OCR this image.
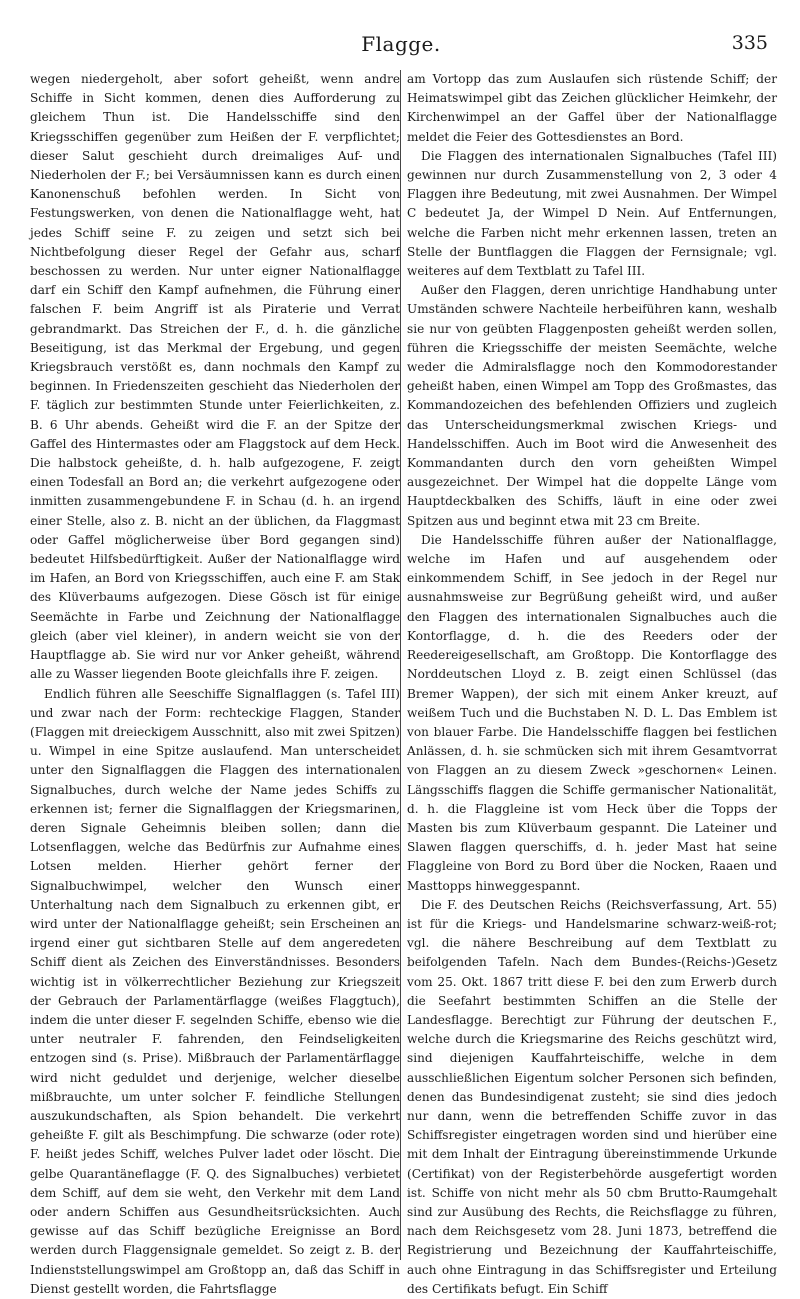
Flagge.	335

wegen niedergeholt, aber sofort geheißt, wenn andre Schiffe in Sicht kommen, denen dies Aufforderung zu gleichem Thun ist. Die Handelsschiffe sind den Kriegsschiffen gegenüber zum Heißen der F. verpflichtet; dieser Salut geschieht durch dreimaliges Auf- und Niederholen der F.; bei Versäumnissen kann es durch einen Kanonenschuß befohlen werden. In Sicht von Festungswerken, von denen die Nationalflagge weht, hat jedes Schiff seine F. zu zeigen und setzt sich bei Nichtbefolgung dieser Regel der Gefahr aus, scharf beschossen zu werden. Nur unter eigner Nationalflagge darf ein Schiff den Kampf aufnehmen, die Führung einer falschen F. beim Angriff ist als Piraterie und Verrat gebrandmarkt. Das Streichen der F., d. h. die gänzliche Beseitigung, ist das Merkmal der Ergebung, und gegen Kriegsbrauch verstößt es, dann nochmals den Kampf zu beginnen. In Friedenszeiten geschieht das Niederholen der F. täglich zur bestimmten Stunde unter Feierlichkeiten, z. B. 6 Uhr abends. Geheißt wird die F. an der Spitze der Gaffel des Hintermastes oder am Flaggstock auf dem Heck. Die halbstock geheißte, d. h. halb aufgezogene, F. zeigt einen Todesfall an Bord an; die verkehrt aufgezogene oder inmitten zusammengebundene F. in Schau (d. h. an irgend einer Stelle, also z. B. nicht an der üblichen, da Flaggmast oder Gaffel möglicherweise über Bord gegangen sind) bedeutet Hilfsbedürftigkeit. Außer der Nationalflagge wird im Hafen, an Bord von Kriegsschiffen, auch eine F. am Stak des Klüverbaums aufgezogen. Diese Gösch ist für einige Seemächte in Farbe und Zeichnung der Nationalflagge gleich (aber viel kleiner), in andern weicht sie von der Hauptflagge ab. Sie wird nur vor Anker geheißt, während alle zu Wasser liegenden Boote gleichfalls ihre F. zeigen.

Endlich führen alle Seeschiffe Signalflaggen (s. Tafel III) und zwar nach der Form: rechteckige Flaggen, Stander (Flaggen mit dreieckigem Ausschnitt, also mit zwei Spitzen) u. Wimpel in eine Spitze auslaufend. Man unterscheidet unter den Signalflaggen die Flaggen des internationalen Signalbuches, durch welche der Name jedes Schiffs zu erkennen ist; ferner die Signalflaggen der Kriegsmarinen, deren Signale Geheimnis bleiben sollen; dann die Lotsenflaggen, welche das Bedürfnis zur Aufnahme eines Lotsen melden. Hierher gehört ferner der Signalbuchwimpel, welcher den Wunsch einer Unterhaltung nach dem Signalbuch zu erkennen gibt, er wird unter der Nationalflagge geheißt; sein Erscheinen an irgend einer gut sichtbaren Stelle auf dem angeredeten Schiff dient als Zeichen des Einverständnisses. Besonders wichtig ist in völkerrechtlicher Beziehung zur Kriegszeit der Gebrauch der Parlamentärflagge (weißes Flaggtuch), indem die unter dieser F. segelnden Schiffe, ebenso wie die unter neutraler F. fahrenden, den Feindseligkeiten entzogen sind (s. Prise). Mißbrauch der Parlamentärflagge wird nicht geduldet und derjenige, welcher dieselbe mißbrauchte, um unter solcher F. feindliche Stellungen auszukundschaften, als Spion behandelt. Die verkehrt geheißte F. gilt als Beschimpfung. Die schwarze (oder rote) F. heißt jedes Schiff, welches Pulver ladet oder löscht. Die gelbe Quarantäneflagge (F. Q. des Signalbuches) verbietet dem Schiff, auf dem sie weht, den Verkehr mit dem Land oder andern Schiffen aus Gesundheitsrücksichten. Auch gewisse auf das Schiff bezügliche Ereignisse an Bord werden durch Flaggensignale gemeldet. So zeigt z. B. der Indienststellungswimpel am Großtopp an, daß das Schiff in Dienst gestellt worden, die Fahrtsflagge

am Vortopp das zum Auslaufen sich rüstende Schiff; der Heimatswimpel gibt das Zeichen glücklicher Heimkehr, der Kirchenwimpel an der Gaffel über der Nationalflagge meldet die Feier des Gottesdienstes an Bord.

Die Flaggen des internationalen Signalbuches (Tafel III) gewinnen nur durch Zusammenstellung von 2, 3 oder 4 Flaggen ihre Bedeutung, mit zwei Ausnahmen. Der Wimpel C bedeutet Ja, der Wimpel D Nein. Auf Entfernungen, welche die Farben nicht mehr erkennen lassen, treten an Stelle der Buntflaggen die Flaggen der Fernsignale; vgl. weiteres auf dem Textblatt zu Tafel III.

Außer den Flaggen, deren unrichtige Handhabung unter Umständen schwere Nachteile herbeiführen kann, weshalb sie nur von geübten Flaggenposten geheißt werden sollen, führen die Kriegsschiffe der meisten Seemächte, welche weder die Admiralsflagge noch den Kommodorestander geheißt haben, einen Wimpel am Topp des Großmastes, das Kommandozeichen des befehlenden Offiziers und zugleich das Unterscheidungsmerkmal zwischen Kriegs- und Handelsschiffen. Auch im Boot wird die Anwesenheit des Kommandanten durch den vorn geheißten Wimpel ausgezeichnet. Der Wimpel hat die doppelte Länge vom Hauptdeckbalken des Schiffs, läuft in eine oder zwei Spitzen aus und beginnt etwa mit 23 cm Breite.

Die Handelsschiffe führen außer der Nationalflagge, welche im Hafen und auf ausgehendem oder einkommendem Schiff, in See jedoch in der Regel nur ausnahmsweise zur Begrüßung geheißt wird, und außer den Flaggen des internationalen Signalbuches auch die Kontorflagge, d. h. die des Reeders oder der Reedereigesellschaft, am Großtopp. Die Kontorflagge des Norddeutschen Lloyd z. B. zeigt einen Schlüssel (das Bremer Wappen), der sich mit einem Anker kreuzt, auf weißem Tuch und die Buchstaben N. D. L. Das Emblem ist von blauer Farbe. Die Handelsschiffe flaggen bei festlichen Anlässen, d. h. sie schmücken sich mit ihrem Gesamtvorrat von Flaggen an zu diesem Zweck »geschornen« Leinen. Längsschiffs flaggen die Schiffe germanischer Nationalität, d. h. die Flaggleine ist vom Heck über die Topps der Masten bis zum Klüverbaum gespannt. Die Lateiner und Slawen flaggen querschiffs, d. h. jeder Mast hat seine Flaggleine von Bord zu Bord über die Nocken, Raaen und Masttopps hinweggespannt.

Die F. des Deutschen Reichs (Reichsverfassung, Art. 55) ist für die Kriegs- und Handelsmarine schwarz-weiß-rot; vgl. die nähere Beschreibung auf dem Textblatt zu beifolgenden Tafeln. Nach dem Bundes-(Reichs-)Gesetz vom 25. Okt. 1867 tritt diese F. bei den zum Erwerb durch die Seefahrt bestimmten Schiffen an die Stelle der Landesflagge. Berechtigt zur Führung der deutschen F., welche durch die Kriegsmarine des Reichs geschützt wird, sind diejenigen Kauffahrteischiffe, welche in dem ausschließlichen Eigentum solcher Personen sich befinden, denen das Bundesindigenat zusteht; sie sind dies jedoch nur dann, wenn die betreffenden Schiffe zuvor in das Schiffsregister eingetragen worden sind und hierüber eine mit dem Inhalt der Eintragung übereinstimmende Urkunde (Certifikat) von der Registerbehörde ausgefertigt worden ist. Schiffe von nicht mehr als 50 cbm Brutto-Raumgehalt sind zur Ausübung des Rechts, die Reichsflagge zu führen, nach dem Reichsgesetz vom 28. Juni 1873, betreffend die Registrierung und Bezeichnung der Kauffahrteischiffe, auch ohne Eintragung in das Schiffsregister und Erteilung des Certifikats befugt. Ein Schiff
